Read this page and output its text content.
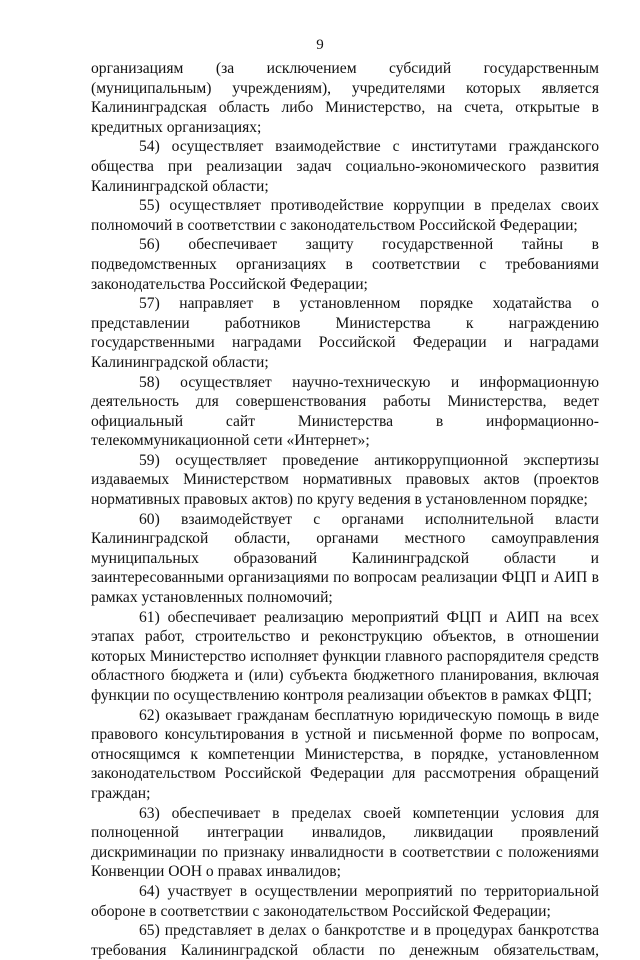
9

организациям (за исключением субсидий государственным (муниципальным) учреждениям), учредителями которых является Калининградская область либо Министерство, на счета, открытые в кредитных организациях;

54) осуществляет взаимодействие с институтами гражданского общества при реализации задач социально-экономического развития Калининградской области;

55) осуществляет противодействие коррупции в пределах своих полномочий в соответствии с законодательством Российской Федерации;

56) обеспечивает защиту государственной тайны в подведомственных организациях в соответствии с требованиями законодательства Российской Федерации;

57) направляет в установленном порядке ходатайства о представлении работников Министерства к награждению государственными наградами Российской Федерации и наградами Калининградской области;

58) осуществляет научно-техническую и информационную деятельность для совершенствования работы Министерства, ведет официальный сайт Министерства в информационно-телекоммуникационной сети «Интернет»;

59) осуществляет проведение антикоррупционной экспертизы издаваемых Министерством нормативных правовых актов (проектов нормативных правовых актов) по кругу ведения в установленном порядке;

60) взаимодействует с органами исполнительной власти Калининградской области, органами местного самоуправления муниципальных образований Калининградской области и заинтересованными организациями по вопросам реализации ФЦП и АИП в рамках установленных полномочий;

61) обеспечивает реализацию мероприятий ФЦП и АИП на всех этапах работ, строительство и реконструкцию объектов, в отношении которых Министерство исполняет функции главного распорядителя средств областного бюджета и (или) субъекта бюджетного планирования, включая функции по осуществлению контроля реализации объектов в рамках ФЦП;

62) оказывает гражданам бесплатную юридическую помощь в виде правового консультирования в устной и письменной форме по вопросам, относящимся к компетенции Министерства, в порядке, установленном законодательством Российской Федерации для рассмотрения обращений граждан;

63) обеспечивает в пределах своей компетенции условия для полноценной интеграции инвалидов, ликвидации проявлений дискриминации по признаку инвалидности в соответствии с положениями Конвенции ООН о правах инвалидов;

64) участвует в осуществлении мероприятий по территориальной обороне в соответствии с законодательством Российской Федерации;

65) представляет в делах о банкротстве и в процедурах банкротства требования Калининградской области по денежным обязательствам,
